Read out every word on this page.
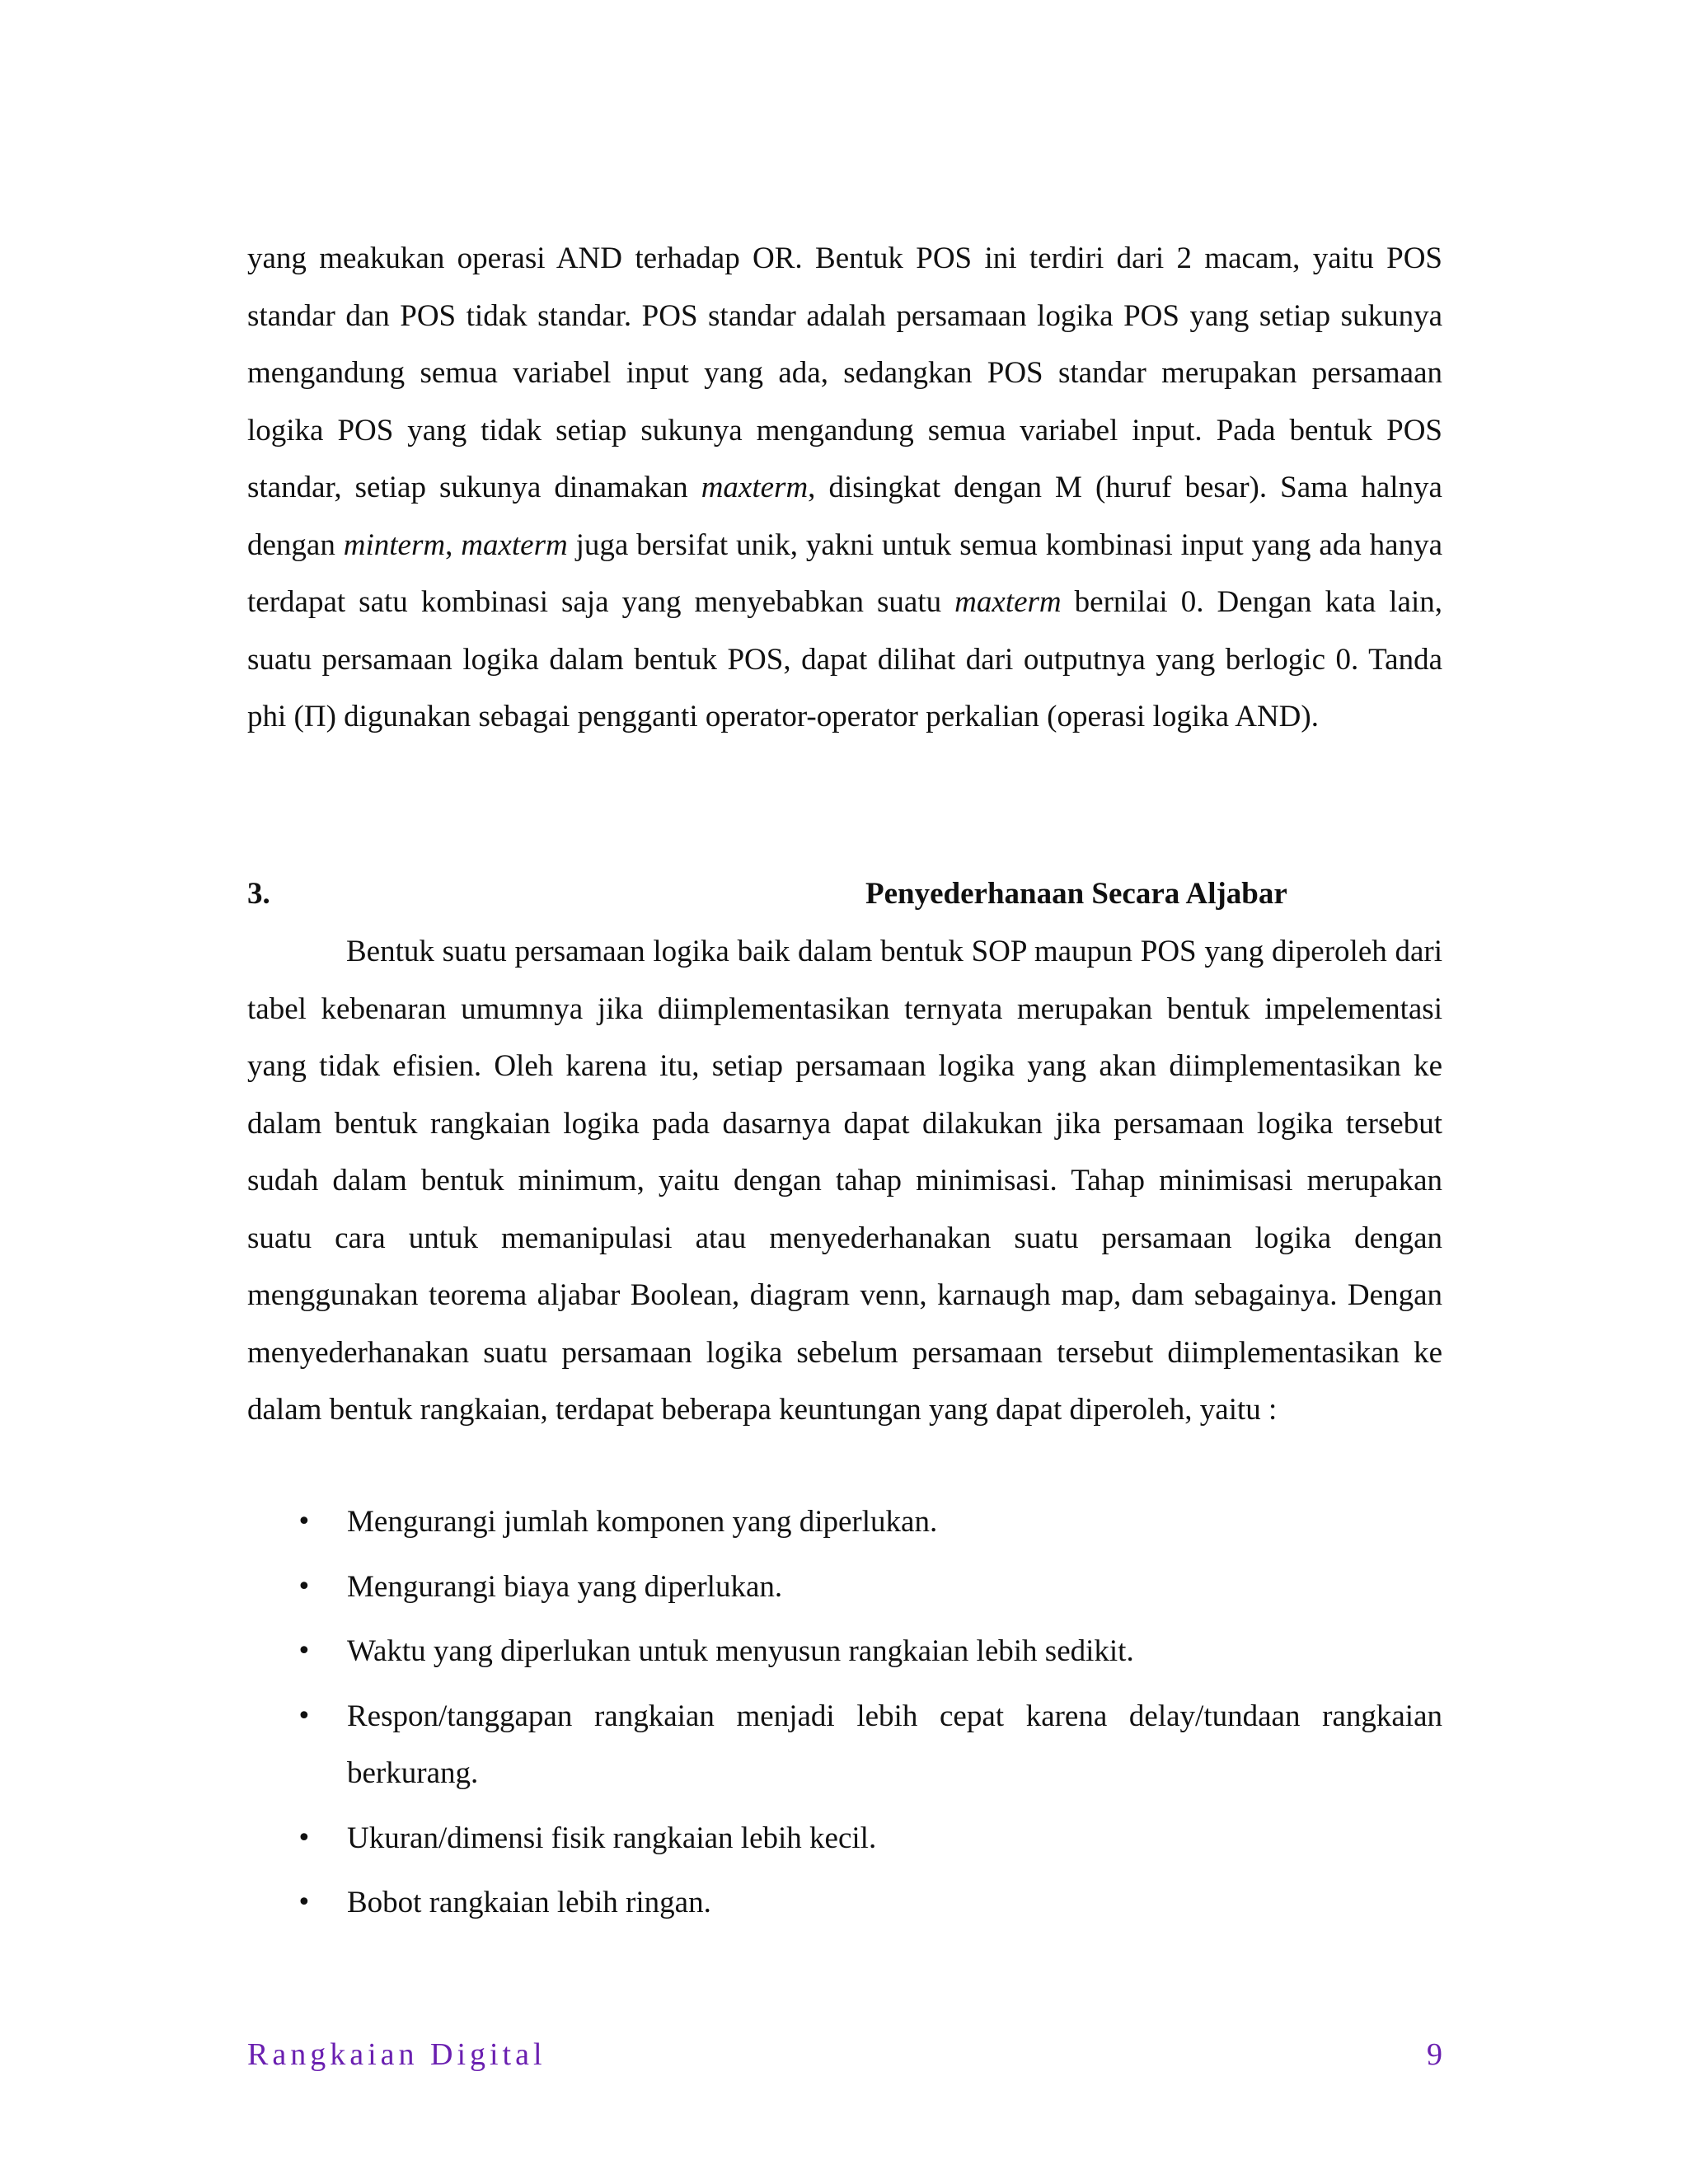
yang meakukan operasi AND terhadap OR. Bentuk POS ini terdiri dari 2 macam, yaitu POS standar dan POS tidak standar. POS standar adalah persamaan logika POS yang setiap sukunya mengandung semua variabel input yang ada, sedangkan POS standar merupakan persamaan logika POS yang tidak setiap sukunya mengandung semua variabel input. Pada bentuk POS standar, setiap sukunya dinamakan maxterm, disingkat dengan M (huruf besar). Sama halnya dengan minterm, maxterm juga bersifat unik, yakni untuk semua kombinasi input yang ada hanya terdapat satu kombinasi saja yang menyebabkan suatu maxterm bernilai 0. Dengan kata lain, suatu persamaan logika dalam bentuk POS, dapat dilihat dari outputnya yang berlogic 0. Tanda phi (Π) digunakan sebagai pengganti operator-operator perkalian (operasi logika AND).

3.	Penyederhanaan Secara Aljabar

Bentuk suatu persamaan logika baik dalam bentuk SOP maupun POS yang diperoleh dari tabel kebenaran umumnya jika diimplementasikan ternyata merupakan bentuk impelementasi yang tidak efisien. Oleh karena itu, setiap persamaan logika yang akan diimplementasikan ke dalam bentuk rangkaian logika pada dasarnya dapat dilakukan jika persamaan logika tersebut sudah dalam bentuk minimum, yaitu dengan tahap minimisasi. Tahap minimisasi merupakan suatu cara untuk memanipulasi atau menyederhanakan suatu persamaan logika dengan menggunakan teorema aljabar Boolean, diagram venn, karnaugh map, dam sebagainya. Dengan menyederhanakan suatu persamaan logika sebelum persamaan tersebut diimplementasikan ke dalam bentuk rangkaian, terdapat beberapa keuntungan yang dapat diperoleh, yaitu :

• Mengurangi jumlah komponen yang diperlukan.
• Mengurangi biaya yang diperlukan.
• Waktu yang diperlukan untuk menyusun rangkaian lebih sedikit.
• Respon/tanggapan rangkaian menjadi lebih cepat karena delay/tundaan rangkaian berkurang.
• Ukuran/dimensi fisik rangkaian lebih kecil.
• Bobot rangkaian lebih ringan.
Rangkaian Digital	9
